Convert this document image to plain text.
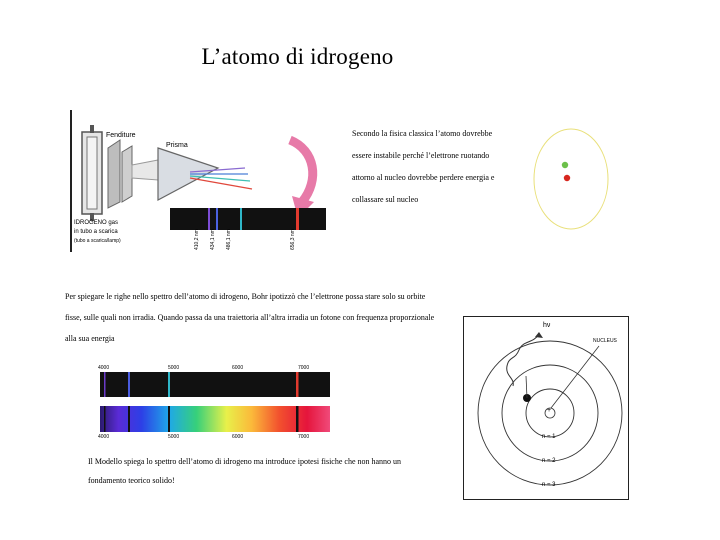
L’atomo di idrogeno
Fenditure
Prisma
IDROGENO gas
in tubo a scarica
(tubo a scarica/lamp)	410,2 nm 434,1 nm 486,1 nm	656,3 nm
Secondo la fisica classica l’atomo dovrebbe essere instabile perché l’elettrone ruotando attorno al nucleo dovrebbe perdere energia e collassare sul nucleo
Per spiegare le righe nello spettro dell’atomo di idrogeno, Bohr ipotizzò che l’elettrone possa stare solo su orbite fisse, sulle quali non irradia. Quando passa da una traiettoria all’altra irradia un fotone con frequenza proporzionale alla sua energia
4000	5000	6000	7000
4000	5000	6000	7000
hν
NUCLEUS
+
n = 1
n = 2
n = 3
Il Modello spiega lo spettro dell’atomo di idrogeno ma introduce ipotesi fisiche che non hanno un fondamento teorico solido!
